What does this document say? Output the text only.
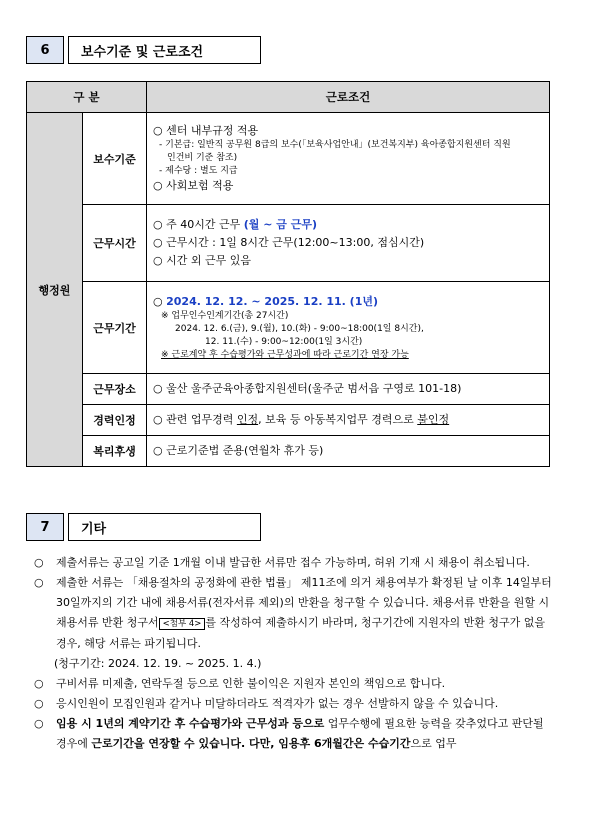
6	보수기준 및 근로조건
구 분		근로조건
행정원	보수기준	○ 센터 내부규정 적용
- 기본급: 일반직 공무원 8급의 보수(「보육사업안내」(보건복지부) 육아종합지원센터 직원
인건비 기준 참조)
- 제수당 : 별도 지급
○ 사회보험 적용

	근무시간	○ 주 40시간 근무 (월 ~ 금 근무)
○ 근무시간 : 1일 8시간 근무(12:00~13:00, 점심시간)
○ 시간 외 근무 있음

	근무기간	○ 2024. 12. 12. ~ 2025. 12. 11. (1년)
※ 업무인수인계기간(총 27시간)
2024. 12. 6.(금), 9.(월), 10.(화) - 9:00~18:00(1일 8시간),
12. 11.(수) - 9:00~12:00(1일 3시간)
※ 근로계약 후 수습평가와 근무성과에 따라 근로기간 연장 가능

	근무장소	○ 울산 울주군육아종합지원센터(울주군 범서읍 구영로 101-18)
	경력인정	○ 관련 업무경력 인정, 보육 등 아동복지업무 경력으로 불인정
	복리후생	○ 근로기준법 준용(연월차 휴가 등)
7	기타
○ 제출서류는 공고일 기준 1개월 이내 발급한 서류만 접수 가능하며, 허위 기재 시 채용이 취소됩니다.
○ 제출한 서류는 「채용절차의 공정화에 관한 법률」 제11조에 의거 채용여부가 확정된 날 이후 14일부터 30일까지의 기간 내에 채용서류(전자서류 제외)의 반환을 청구할 수 있습니다. 채용서류 반환을 원할 시 채용서류 반환 청구서 <첨부 4> 를 작성하여 제출하시기 바라며, 청구기간에 지원자의 반환 청구가 없을 경우, 해당 서류는 파기됩니다.
(청구기간: 2024. 12. 19. ~ 2025. 1. 4.)
○ 구비서류 미제출, 연락두절 등으로 인한 불이익은 지원자 본인의 책임으로 합니다.
○ 응시인원이 모집인원과 같거나 미달하더라도 적격자가 없는 경우 선발하지 않을 수 있습니다.
○ 임용 시 1년의 계약기간 후 수습평가와 근무성과 등으로 업무수행에 필요한 능력을 갖추었다고 판단될 경우에 근로기간을 연장할 수 있습니다. 다만, 임용후 6개월간은 수습기간으로 업무
